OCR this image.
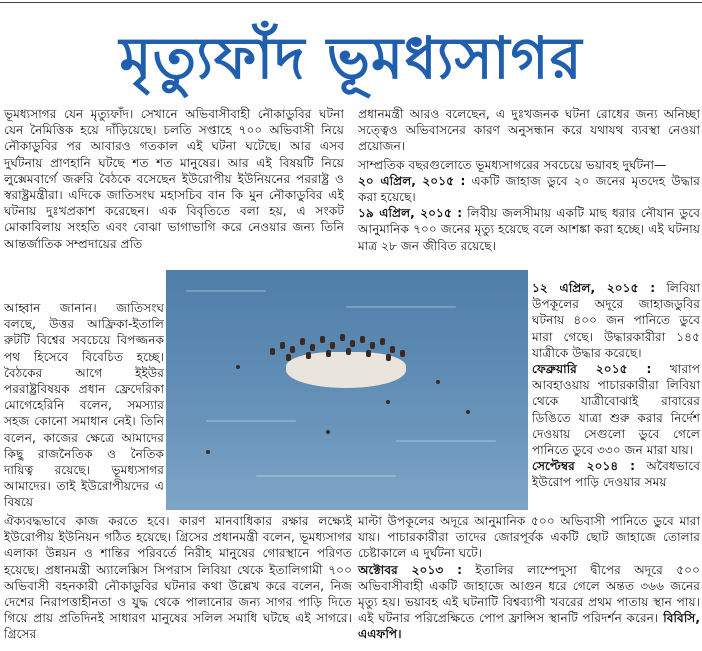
মৃত্যুফাঁদ ভূমধ্যসাগর

ভূমধ্যসাগর যেন মৃত্যুফাঁদ। সেখানে অভিবাসীবাহী নৌকাডুবির ঘটনা যেন নৈমিত্তিক হয়ে দাঁড়িয়েছে। চলতি সপ্তাহে ৭০০ অভিবাসী নিয়ে নৌকাডুবির পর আবারও গতকাল এই ঘটনা ঘটেছে। আর এসব দুর্ঘটনায় প্রাণহানি ঘটছে শত শত মানুষের। আর এই বিষয়টি নিয়ে লুক্সেমবার্গে জরুরি বৈঠকে বসেছেন ইউরোপীয় ইউনিয়নের পররাষ্ট্র ও স্বরাষ্ট্রমন্ত্রীরা। এদিকে জাতিসংঘ মহাসচিব বান কি মুন নৌকাডুবির এই ঘটনায় দুঃখপ্রকাশ করেছেন। এক বিবৃতিতে বলা হয়, এ সংকট মোকাবিলায় সংহতি এবং বোঝা ভাগাভাগি করে নেওয়ার জন্য তিনি আন্তর্জাতিক সম্প্রদায়ের প্রতি

প্রধানমন্ত্রী আরও বলেছেন, এ দুঃখজনক ঘটনা রোধের জন্য অনিচ্ছা সত্ত্বেও অভিবাসনের কারণ অনুসন্ধান করে যথাযথ ব্যবস্থা নেওয়া প্রয়োজন।

সাম্প্রতিক বছরগুলোতে ভূমধ্যসাগরের সবচেয়ে ভয়াবহ দুর্ঘটনা—

২০ এপ্রিল, ২০১৫ : একটি জাহাজ ডুবে ২০ জনের মৃতদেহ উদ্ধার করা হয়েছে।

১৯ এপ্রিল, ২০১৫ : লিবীয় জলসীমায় একটি মাছ ধরার নৌযান ডুবে আনুমানিক ৭০০ জনের মৃত্যু হয়েছে বলে আশঙ্কা করা হচ্ছে। এই ঘটনায় মাত্র ২৮ জন জীবিত রয়েছে।

আহ্বান জানান। জাতিসংঘ বলছে, উত্তর আফ্রিকা-ইতালি রুটটি বিশ্বের সবচেয়ে বিপজ্জনক পথ হিসেবে বিবেচিত হচ্ছে। বৈঠকের আগে ইইউর পররাষ্ট্রবিষয়ক প্রধান ফ্রেদেরিকা মোগেহেরিনি বলেন, সমস্যার সহজ কোনো সমাধান নেই। তিনি বলেন, কাজের ক্ষেত্রে আমাদের কিছু রাজনৈতিক ও নৈতিক দায়িত্ব রয়েছে। ভূমধ্যসাগর আমাদের। তাই ইউরোপীয়দের এ বিষয়ে

১২ এপ্রিল, ২০১৫ : লিবিয়া উপকূলের অদূরে জাহাজডুবির ঘটনায় ৪০০ জন পানিতে ডুবে মারা গেছে। উদ্ধারকারীরা ১৪৫ যাত্রীকে উদ্ধার করেছে।

ফেব্রুয়ারি ২০১৫ : খারাপ আবহাওয়ায় পাচারকারীরা লিবিয়া থেকে যাত্রীবোঝাই রাবারের ডিঙিতে যাত্রা শুরু করার নির্দেশ দেওয়ায় সেগুলো ডুবে গেলে পানিতে ডুবে ৩৩০ জন মারা যায়।

সেপ্টেম্বর ২০১৪ : অবৈধভাবে ইউরোপ পাড়ি দেওয়ার সময়

ঐক্যবদ্ধভাবে কাজ করতে হবে। কারণ মানবাধিকার রক্ষার লক্ষ্যেই ইউরোপীয় ইউনিয়ন গঠিত হয়েছে। গ্রিসের প্রধানমন্ত্রী বলেন, ভূমধ্যসাগর এলাকা উন্নয়ন ও শান্তির পরিবর্তে নিরীহ মানুষের গোরস্থানে পরিণত হয়েছে। প্রধানমন্ত্রী অ্যালেক্সিস সিপরাস লিবিয়া থেকে ইতালিগামী ৭০০ অভিবাসী বহনকারী নৌকাডুবির ঘটনার কথা উল্লেখ করে বলেন, নিজ দেশের নিরাপত্তাহীনতা ও যুদ্ধ থেকে পালানোর জন্য সাগর পাড়ি দিতে গিয়ে প্রায় প্রতিদিনই সাধারণ মানুষের সলিল সমাধি ঘটছে এই সাগরে। গ্রিসের

মাল্টা উপকূলের অদূরে আনুমানিক ৫০০ অভিবাসী পানিতে ডুবে মারা যায়। পাচারকারীরা তাদের জোরপূর্বক একটি ছোট জাহাজে তোলার চেষ্টাকালে এ দুর্ঘটনা ঘটে।

অক্টোবর ২০১৩ : ইতালির লাম্পেদুসা দ্বীপের অদূরে ৫০০ অভিবাসীবাহী একটি জাহাজে আগুন ধরে গেলে অন্তত ৩৬৬ জনের মৃত্যু হয়। ভয়াবহ এই ঘটনাটি বিশ্বব্যাপী খবরের প্রথম পাতায় স্থান পায়। এই ঘটনার পরিপ্রেক্ষিতে পোপ ফ্রান্সিস স্থানটি পরিদর্শন করেন। বিবিসি, এএফপি।
